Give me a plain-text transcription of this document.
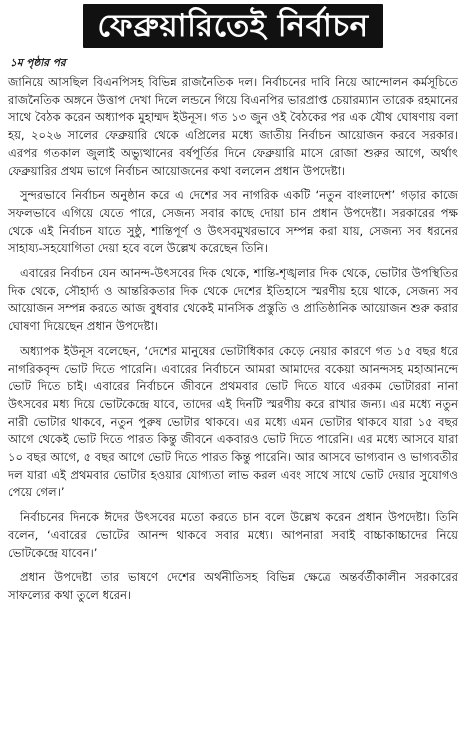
ফেব্রুয়ারিতেই নির্বাচন
১ম পৃষ্ঠার পর

জানিয়ে আসছিল বিএনপিসহ বিভিন্ন রাজনৈতিক দল। নির্বাচনের দাবি নিয়ে আন্দোলন কর্মসূচিতে রাজনৈতিক অঙ্গনে উত্তাপ দেখা দিলে লন্ডনে গিয়ে বিএনপির ভারপ্রাপ্ত চেয়ারম্যান তারেক রহমানের সাথে বৈঠক করেন অধ্যাপক মুহাম্মদ ইউনূস। গত ১৩ জুন ওই বৈঠকের পর এক যৌথ ঘোষণায় বলা হয়, ২০২৬ সালের ফেব্রুয়ারি থেকে এপ্রিলের মধ্যে জাতীয় নির্বাচন আয়োজন করবে সরকার। এরপর গতকাল জুলাই অভ্যুত্থানের বর্ষপূর্তির দিনে ফেব্রুয়ারি মাসে রোজা শুরুর আগে, অর্থাৎ ফেব্রুয়ারির প্রথম ভাগে নির্বাচন আয়োজনের কথা বললেন প্রধান উপদেষ্টা।

সুন্দরভাবে নির্বাচন অনুষ্ঠান করে এ দেশের সব নাগরিক একটি ‘নতুন বাংলাদেশ’ গড়ার কাজে সফলভাবে এগিয়ে যেতে পারে, সেজন্য সবার কাছে দোয়া চান প্রধান উপদেষ্টা। সরকারের পক্ষ থেকে এই নির্বাচন যাতে সুষ্ঠু, শান্তিপূর্ণ ও উৎসবমুখরভাবে সম্পন্ন করা যায়, সেজন্য সব ধরনের সাহায্য-সহযোগিতা দেয়া হবে বলে উল্লেখ করেছেন তিনি।

এবারের নির্বাচন যেন আনন্দ-উৎসবের দিক থেকে, শান্তি-শৃঙ্খলার দিক থেকে, ভোটার উপস্থিতির দিক থেকে, সৌহার্দ্য ও আন্তরিকতার দিক থেকে দেশের ইতিহাসে স্মরণীয় হয়ে থাকে, সেজন্য সব আয়োজন সম্পন্ন করতে আজ বুধবার থেকেই মানসিক প্রস্তুতি ও প্রাতিষ্ঠানিক আয়োজন শুরু করার ঘোষণা দিয়েছেন প্রধান উপদেষ্টা।

অধ্যাপক ইউনূস বলেছেন, ‘দেশের মানুষের ভোটাধিকার কেড়ে নেয়ার কারণে গত ১৫ বছর ধরে নাগরিকবৃন্দ ভোট দিতে পারেনি। এবারের নির্বাচনে আমরা আমাদের বকেয়া আনন্দসহ মহাআনন্দে ভোট দিতে চাই। এবারের নির্বাচনে জীবনে প্রথমবার ভোট দিতে যাবে এরকম ভোটাররা নানা উৎসবের মধ্য দিয়ে ভোটকেন্দ্রে যাবে, তাদের এই দিনটি স্মরণীয় করে রাখার জন্য। এর মধ্যে নতুন নারী ভোটার থাকবে, নতুন পুরুষ ভোটার থাকবে। এর মধ্যে এমন ভোটার থাকবে যারা ১৫ বছর আগে থেকেই ভোট দিতে পারত কিন্তু জীবনে একবারও ভোট দিতে পারেনি। এর মধ্যে আসবে যারা ১০ বছর আগে, ৫ বছর আগে ভোট দিতে পারত কিন্তু পারেনি। আর আসবে ভাগ্যবান ও ভাগ্যবতীর দল যারা এই প্রথমবার ভোটার হওয়ার যোগ্যতা লাভ করল এবং সাথে সাথে ভোট দেয়ার সুযোগও পেয়ে গেল।’

নির্বাচনের দিনকে ঈদের উৎসবের মতো করতে চান বলে উল্লেখ করেন প্রধান উপদেষ্টা। তিনি বলেন, ‘এবারের ভোটের আনন্দ থাকবে সবার মধ্যে। আপনারা সবাই বাচ্চাকাচ্চাদের নিয়ে ভোটকেন্দ্রে যাবেন।’

প্রধান উপদেষ্টা তার ভাষণে দেশের অর্থনীতিসহ বিভিন্ন ক্ষেত্রে অন্তর্বর্তীকালীন সরকারের সাফল্যের কথা তুলে ধরেন।
